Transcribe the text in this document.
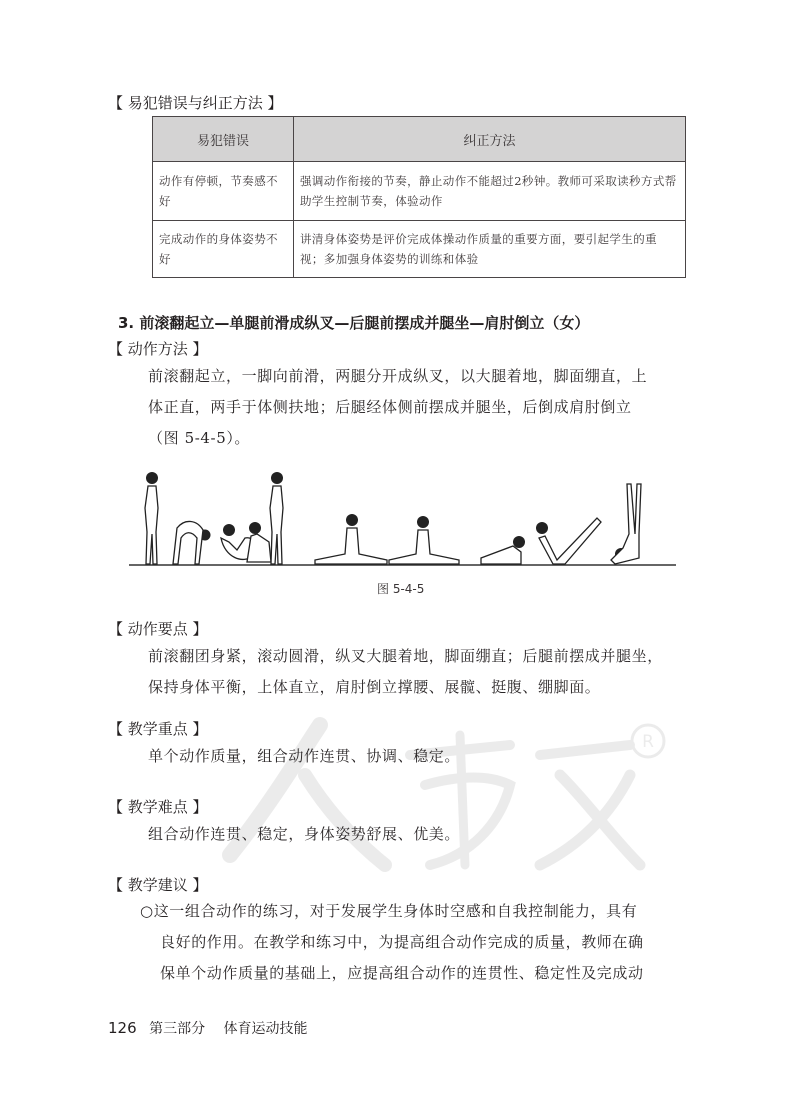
R
【 易犯错误与纠正方法 】
易犯错误	纠正方法
动作有停顿，节奏感不好	强调动作衔接的节奏，静止动作不能超过2秒钟。教师可采取读秒方式帮助学生控制节奏，体验动作
完成动作的身体姿势不好	讲清身体姿势是评价完成体操动作质量的重要方面，要引起学生的重视；多加强身体姿势的训练和体验
3. 前滚翻起立—单腿前滑成纵叉—后腿前摆成并腿坐—肩肘倒立（女）
【 动作方法 】

前滚翻起立，一脚向前滑，两腿分开成纵叉，以大腿着地，脚面绷直，上

体正直，两手于体侧扶地；后腿经体侧前摆成并腿坐，后倒成肩肘倒立

（图 5-4-5）。

图 5-4-5
【 动作要点 】

前滚翻团身紧，滚动圆滑，纵叉大腿着地，脚面绷直；后腿前摆成并腿坐，

保持身体平衡，上体直立，肩肘倒立撑腰、展髋、挺腹、绷脚面。

【 教学重点 】

单个动作质量，组合动作连贯、协调、稳定。

【 教学难点 】

组合动作连贯、稳定，身体姿势舒展、优美。

【 教学建议 】

○这一组合动作的练习，对于发展学生身体时空感和自我控制能力，具有

良好的作用。在教学和练习中，为提高组合动作完成的质量，教师在确

保单个动作质量的基础上，应提高组合动作的连贯性、稳定性及完成动

126 第三部分 体育运动技能
